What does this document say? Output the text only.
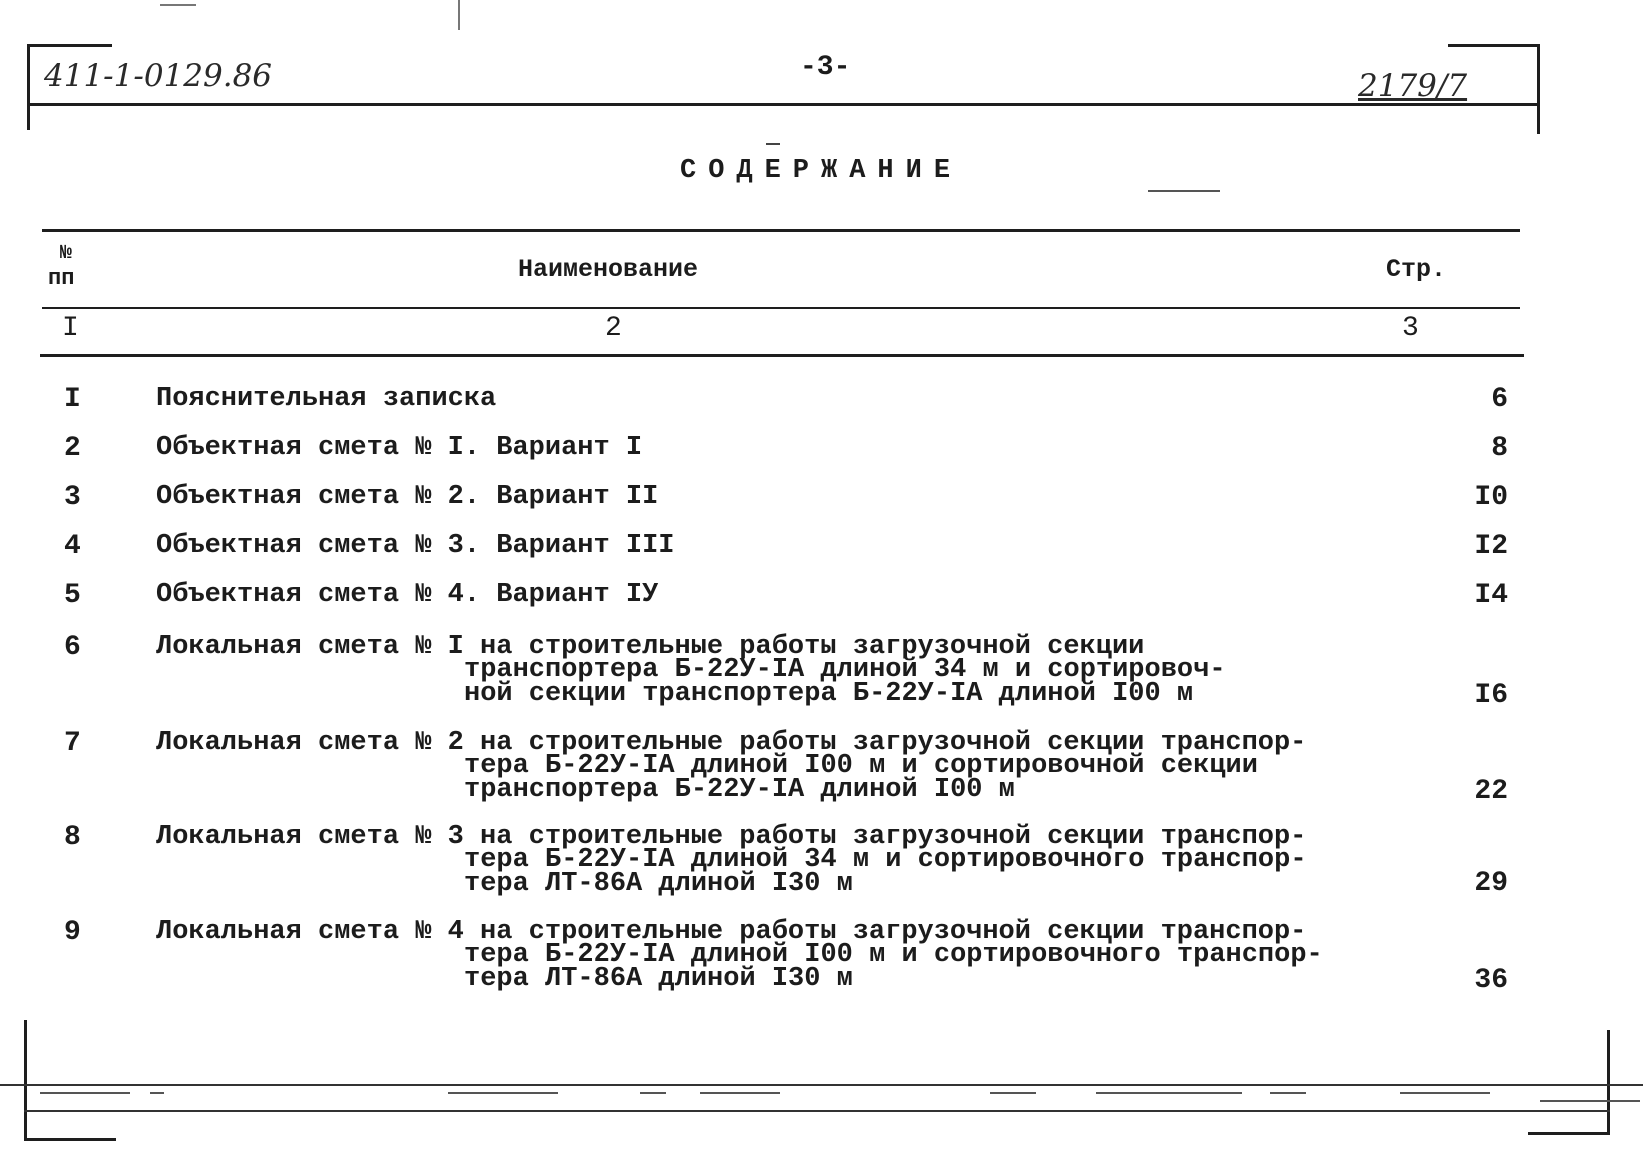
411-1-0129.86	-3-
2179/7
СОДЕРЖАНИЕ
№
пп	Наименование	Стр.
I	2	3
I	Пояснительная записка	6
2	Объектная смета № I. Вариант I	8
3	Объектная смета № 2. Вариант II	I0
4	Объектная смета № 3. Вариант III	I2
5	Объектная смета № 4. Вариант IУ	I4
6	Локальная смета № I на строительные работы загрузочной секции
транспортера Б-22У-IА длиной 34 м и сортировоч-
ной секции транспортера Б-22У-IА длиной I00 м	I6
7	Локальная смета № 2 на строительные работы загрузочной секции транспор-
тера Б-22У-IА длиной I00 м и сортировочной секции
транспортера Б-22У-IА длиной I00 м	22
8	Локальная смета № 3 на строительные работы загрузочной секции транспор-
тера Б-22У-IА длиной 34 м и сортировочного транспор-
тера ЛТ-86А длиной I30 м	29
9	Локальная смета № 4 на строительные работы загрузочной секции транспор-
тера Б-22У-IА длиной I00 м и сортировочного транспор-
тера ЛТ-86А длиной I30 м	36
